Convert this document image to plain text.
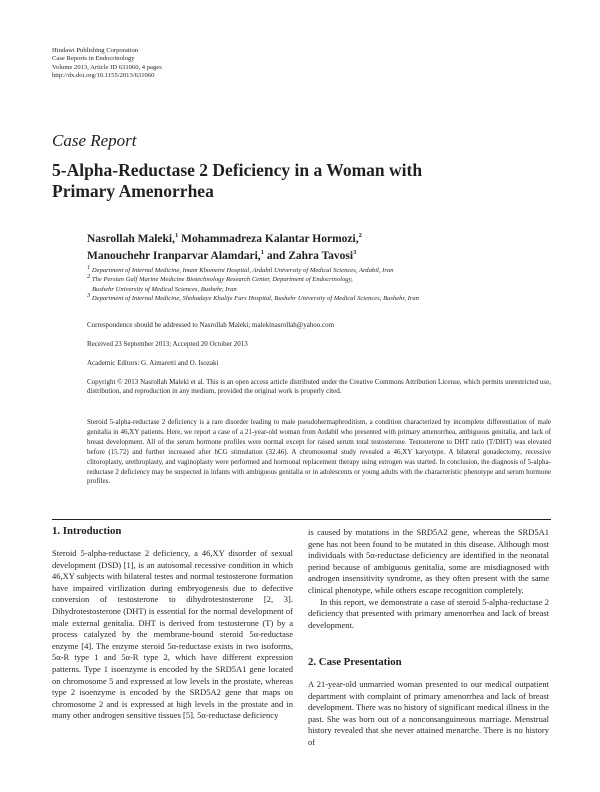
Hindawi Publishing Corporation
Case Reports in Endocrinology
Volume 2013, Article ID 631060, 4 pages
http://dx.doi.org/10.1155/2013/631060
Case Report
5-Alpha-Reductase 2 Deficiency in a Woman with
Primary Amenorrhea
Nasrollah Maleki,$^1$ Mohammadreza Kalantar Hormozi,$^2$
Manouchehr Iranparvar Alamdari,$^1$ and Zahra Tavosi$^3$
$^1$ Department of Internal Medicine, Imam Khomeini Hospital, Ardabil University of Medical Sciences, Ardabil, Iran
$^2$ The Persian Gulf Marine Medicine Biotechnology Research Center, Department of Endocrinology,
Bushehr University of Medical Sciences, Bushehr, Iran
$^3$ Department of Internal Medicine, Shohadaye Khalije Fars Hospital, Bushehr University of Medical Sciences, Bushehr, Iran
Correspondence should be addressed to Nasrollah Maleki; malekinasrollah@yahoo.com
Received 23 September 2013; Accepted 20 October 2013
Academic Editors: G. Aimaretti and O. Isozaki
Copyright © 2013 Nasrollah Maleki et al. This is an open access article distributed under the Creative Commons Attribution License, which permits unrestricted use, distribution, and reproduction in any medium, provided the original work is properly cited.
Steroid 5-alpha-reductase 2 deficiency is a rare disorder leading to male pseudohermaphroditism, a condition characterized by incomplete differentiation of male genitalia in 46,XY patients. Here, we report a case of a 21-year-old woman from Ardabil who presented with primary amenorrhea, ambiguous genitalia, and lack of breast development. All of the serum hormone profiles were normal except for raised serum total testosterone. Testosterone to DHT ratio (T/DHT) was elevated before (15.72) and further increased after hCG stimulation (32.46). A chromosomal study revealed a 46,XY karyotype. A bilateral gonadectomy, recessive clitoroplasty, urethroplasty, and vaginoplasty were performed and hormonal replacement therapy using estrogen was started. In conclusion, the diagnosis of 5-alpha-reductase 2 deficiency may be suspected in infants with ambiguous genitalia or in adolescents or young adults with the characteristic phenotype and serum hormone profiles.
1. Introduction

Steroid 5-alpha-reductase 2 deficiency, a 46,XY disorder of sexual development (DSD) [1], is an autosomal recessive condition in which 46,XY subjects with bilateral testes and normal testosterone formation have impaired virilization during embryogenesis due to defective conversion of testosterone to dihydrotestosterone [2, 3]. Dihydrotestosterone (DHT) is essential for the normal development of male external genitalia. DHT is derived from testosterone (T) by a process catalyzed by the membrane-bound steroid 5α-reductase enzyme [4]. The enzyme steroid 5α-reductase exists in two isoforms, 5α-R type 1 and 5α-R type 2, which have different expression patterns. Type 1 isoenzyme is encoded by the SRD5A1 gene located on chromosome 5 and expressed at low levels in the prostate, whereas type 2 isoenzyme is encoded by the SRD5A2 gene that maps on chromosome 2 and is expressed at high levels in the prostate and in many other androgen sensitive tissues [5]. 5α-reductase deficiency

is caused by mutations in the SRD5A2 gene, whereas the SRD5A1 gene has not been found to be mutated in this disease. Although most individuals with 5α-reductase deficiency are identified in the neonatal period because of ambiguous genitalia, some are misdiagnosed with androgen insensitivity syndrome, as they often present with the same clinical phenotype, while others escape recognition completely.

In this report, we demonstrate a case of steroid 5-alpha-reductase 2 deficiency that presented with primary amenorrhea and lack of breast development.

2. Case Presentation

A 21-year-old unmarried woman presented to our medical outpatient department with complaint of primary amenorrhea and lack of breast development. There was no history of significant medical illness in the past. She was born out of a nonconsanguineous marriage. Menstrual history revealed that she never attained menarche. There is no history of
